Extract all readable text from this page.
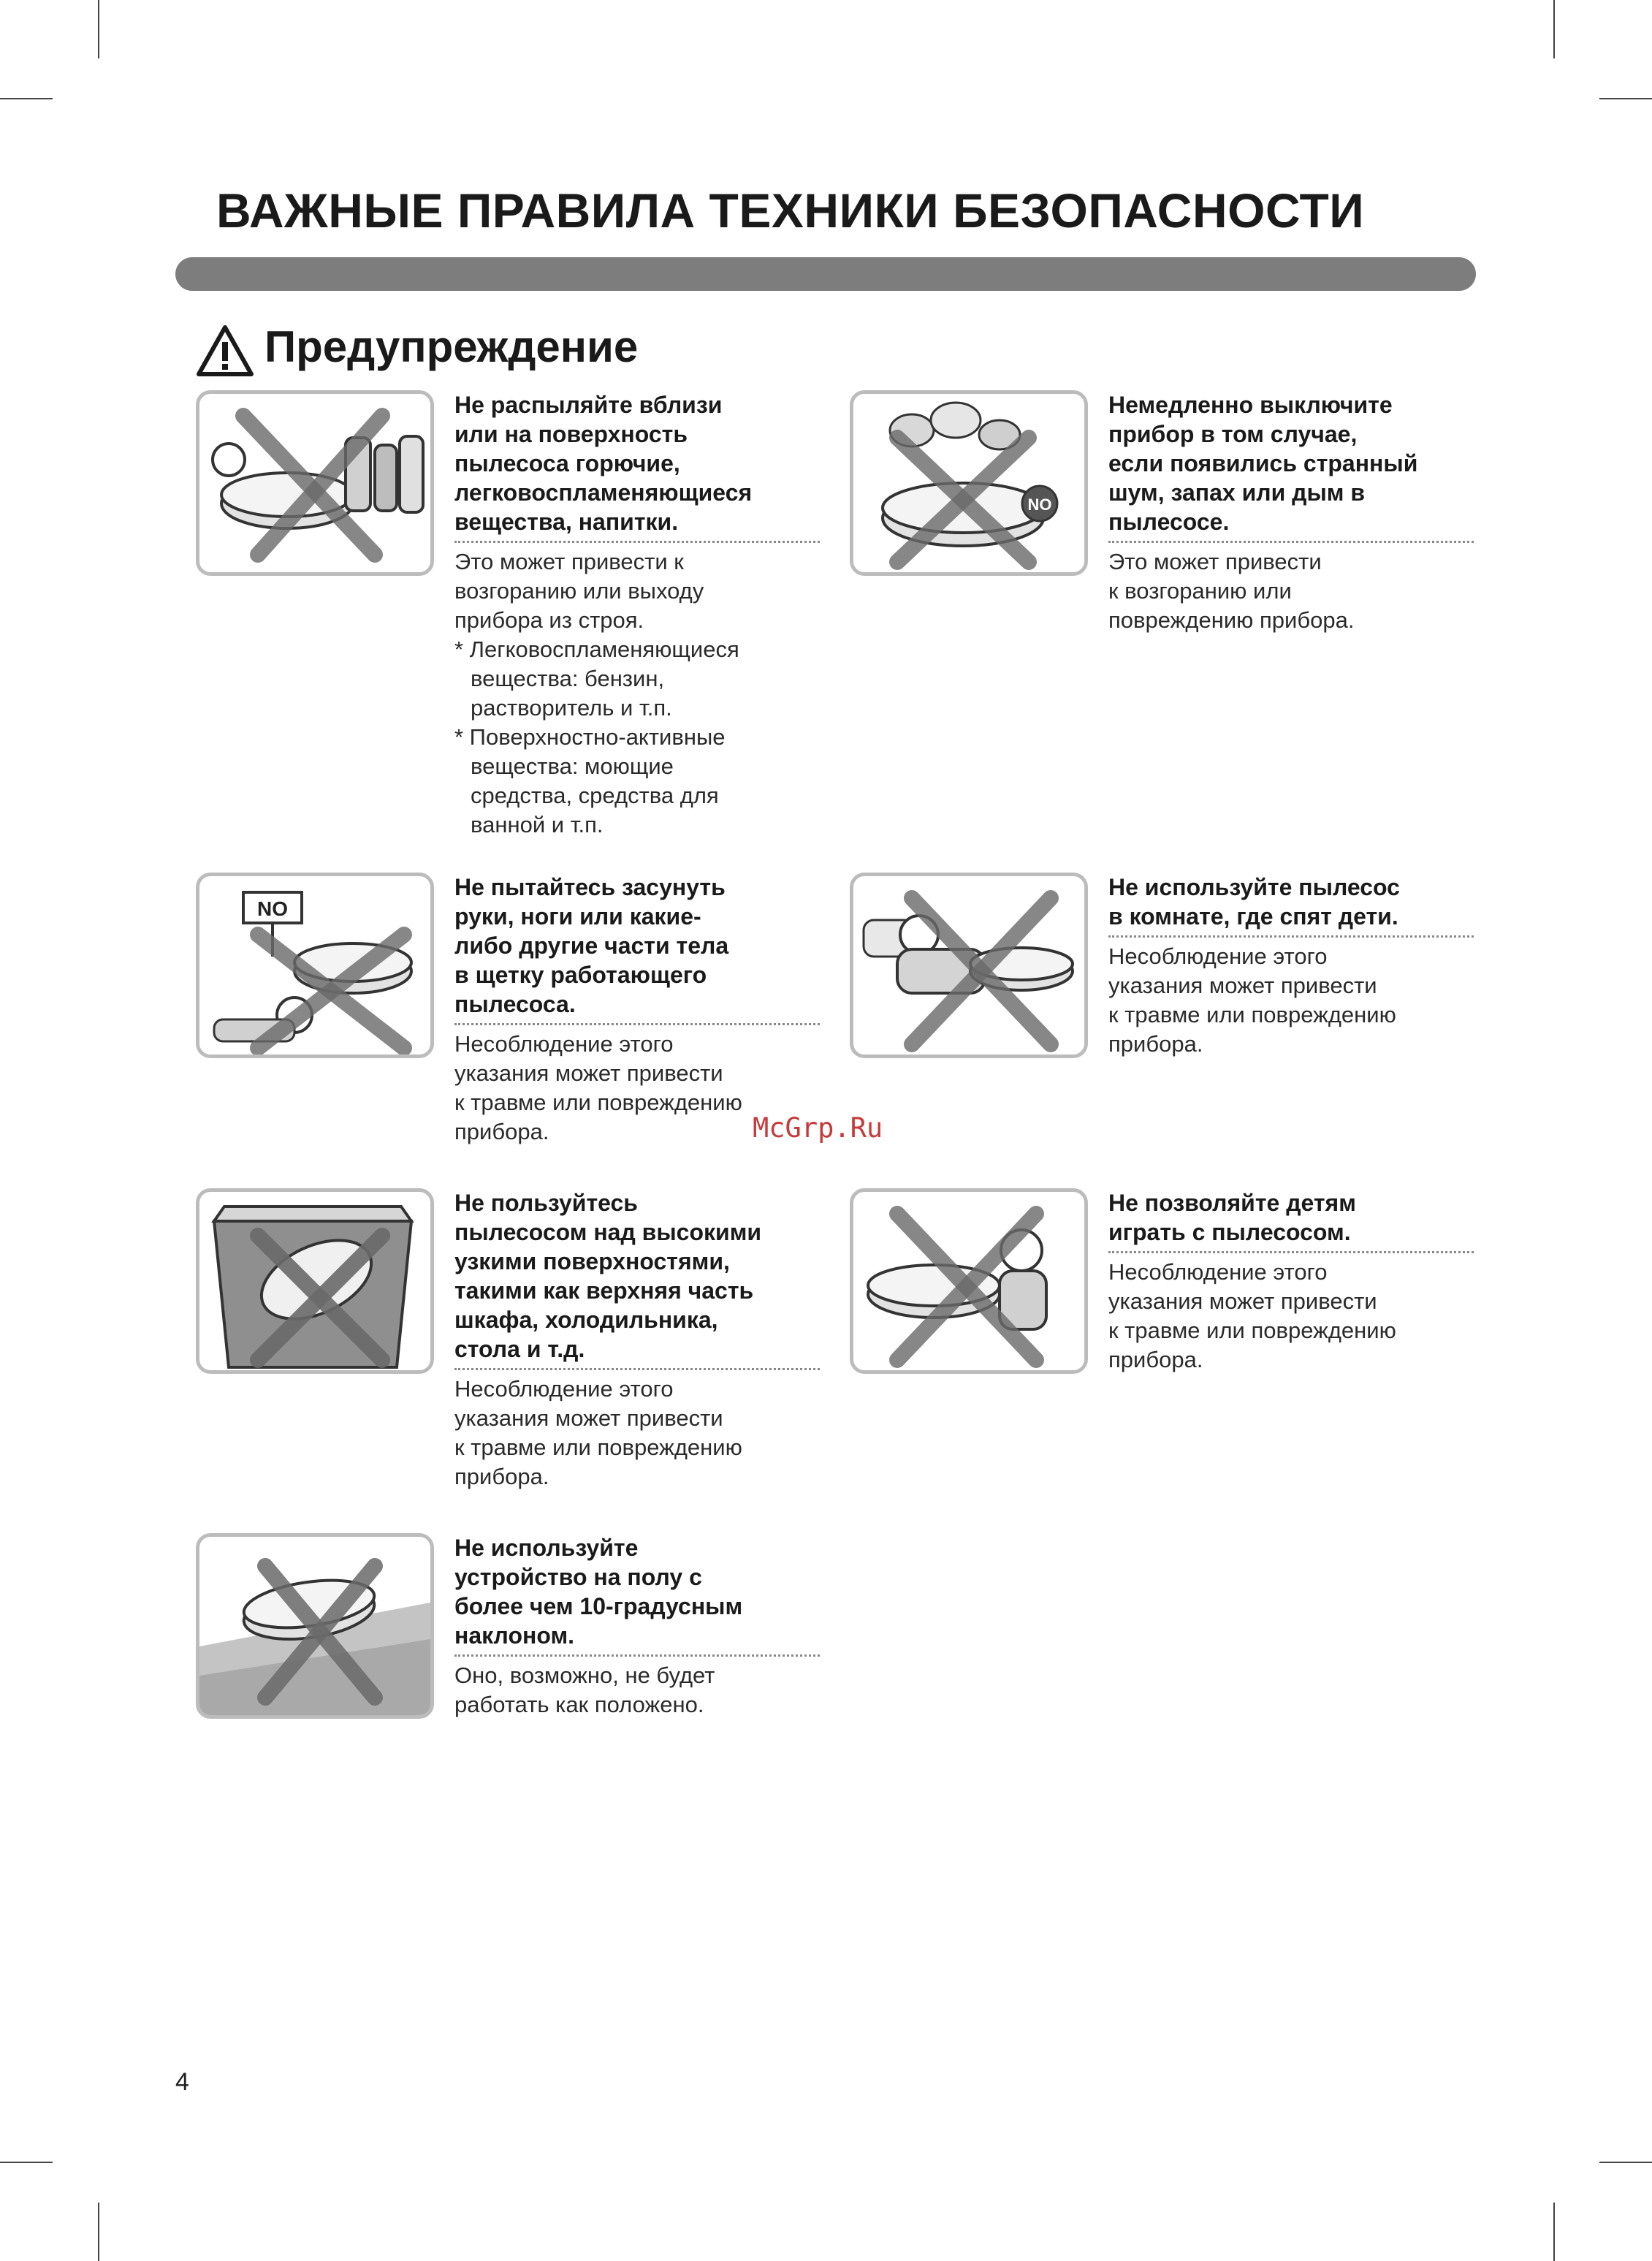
ВАЖНЫЕ ПРАВИЛА ТЕХНИКИ БЕЗОПАСНОСТИ
Предупреждение
Не распыляйте вблизи
или на поверхность
пылесоса горючие,
легковоспламеняющиеся
вещества, напитки.
Это может привести к
возгоранию или выходу
прибора из строя.
* Легковоспламеняющиеся
вещества: бензин,
растворитель и т.п.
* Поверхностно-активные
вещества: моющие
средства, средства для
ванной и т.п.
NO
Немедленно выключите
прибор в том случае,
если появились странный
шум, запах или дым в
пылесосе.
Это может привести
к возгоранию или
повреждению прибора.
NO
Не пытайтесь засунуть
руки, ноги или какие-
либо другие части тела
в щетку работающего
пылесоса.
Несоблюдение этого
указания может привести
к травме или повреждению
прибора.
Не используйте пылесос
в комнате, где спят дети.
Несоблюдение этого
указания может привести
к травме или повреждению
прибора.
Не пользуйтесь
пылесосом над высокими
узкими поверхностями,
такими как верхняя часть
шкафа, холодильника,
стола и т.д.
Несоблюдение этого
указания может привести
к травме или повреждению
прибора.
Не позволяйте детям
играть с пылесосом.
Несоблюдение этого
указания может привести
к травме или повреждению
прибора.
Не используйте
устройство на полу с
более чем 10-градусным
наклоном.
Оно, возможно, не будет
работать как положено.
McGrp.Ru
4
